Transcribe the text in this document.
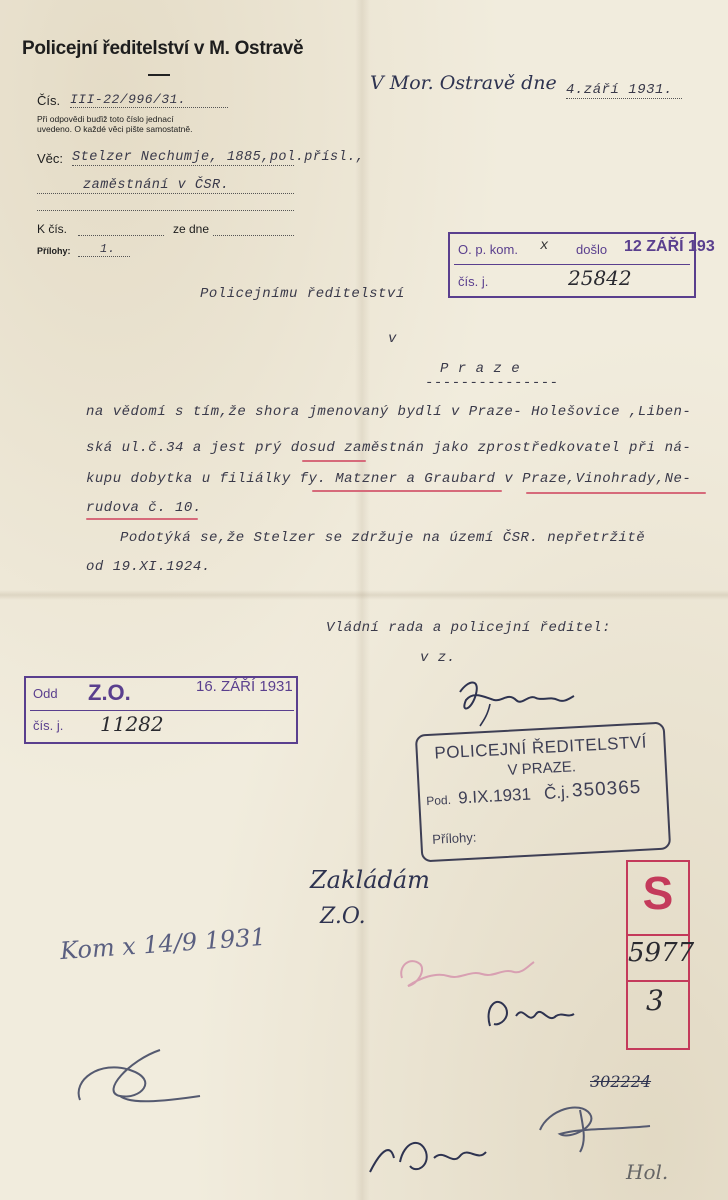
Policejní ředitelství v M. Ostravě
V Mor. Ostravě dne 4.září 1931.
Čís. III-22/996/31.
Při odpovědi buďiž toto číslo jednací
uvedeno. O každé věci pište samostatně.
Věc: Stelzer Nechumje, 1885,pol.přísl.,
zaměstnání v ČSR.
K čís.	ze dne
Přílohy:	1.	O. p. kom. x došlo 12 ZÁŘÍ 193
čís. j.	25842
Policejnímu ředitelství
v
P r a z e
---------------
na vědomí s tím,že shora jmenovaný bydlí v Praze- Holešovice ,Liben-
ská ul.č.34 a jest prý dosud zaměstnán jako zprostředkovatel při ná-
kupu dobytka u filiálky fy. Matzner a Graubard v Praze,Vinohrady,Ne-
rudova č. 10.
Podotýká se,že Stelzer se zdržuje na území ČSR. nepřetržitě
od 19.XI.1924.
Vládní rada a policejní ředitel:
v z.
Odd Z.O.	16. ZÁŘÍ 1931
čís. j. 11282
POLICEJNÍ ŘEDITELSTVÍ
V PRAZE.
Pod. 9.IX.1931 Č.j. 350365
Přílohy:
S
5977
3
Zakládám
Z.O.
Kom x 14/9 1931
302224
Hol.
